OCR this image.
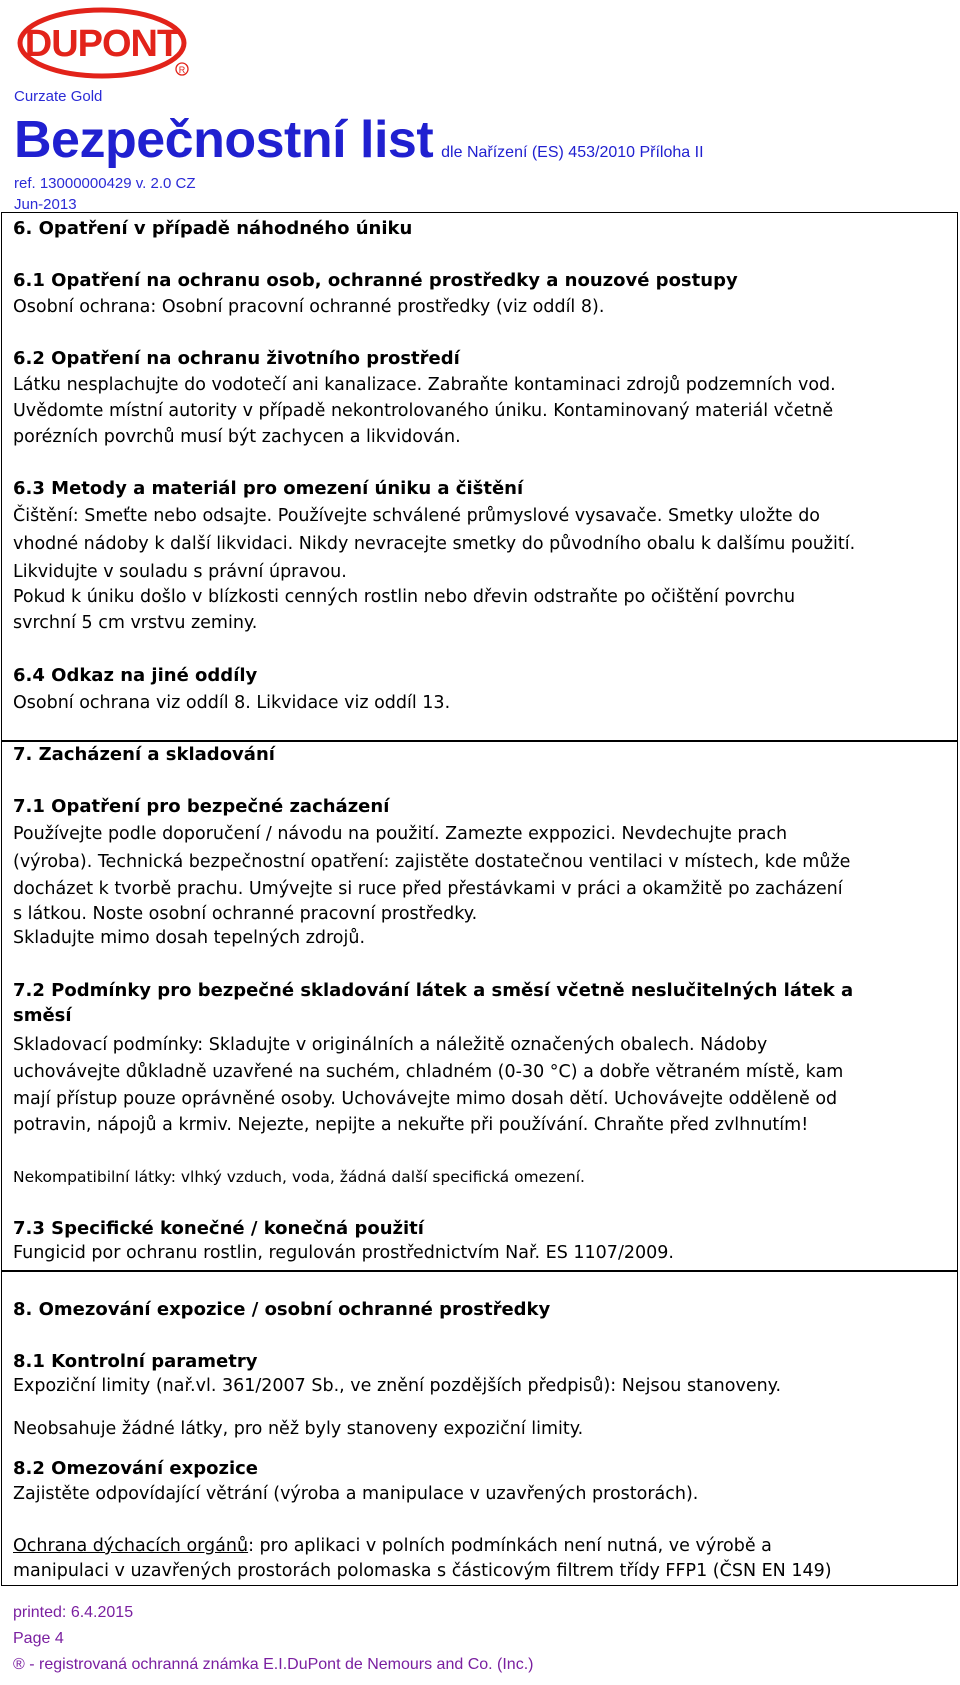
DUPONT
R
Curzate Gold
Bezpečnostní list dle Nařízení (ES) 453/2010 Příloha II
ref. 13000000429 v. 2.0 CZ
Jun-2013
6. Opatření v případě náhodného úniku
6.1 Opatření na ochranu osob, ochranné prostředky a nouzové postupy
Osobní ochrana: Osobní pracovní ochranné prostředky (viz oddíl 8).
6.2 Opatření na ochranu životního prostředí
Látku nesplachujte do vodotečí ani kanalizace. Zabraňte kontaminaci zdrojů podzemních vod.
Uvědomte místní autority v případě nekontrolovaného úniku. Kontaminovaný materiál včetně
porézních povrchů musí být zachycen a likvidován.
6.3 Metody a materiál pro omezení úniku a čištění
Čištění: Smeťte nebo odsajte. Používejte schválené průmyslové vysavače. Smetky uložte do
vhodné nádoby k další likvidaci. Nikdy nevracejte smetky do původního obalu k dalšímu použití.
Likvidujte v souladu s právní úpravou.
Pokud k úniku došlo v blízkosti cenných rostlin nebo dřevin odstraňte po očištění povrchu
svrchní 5 cm vrstvu zeminy.
6.4 Odkaz na jiné oddíly
Osobní ochrana viz oddíl 8. Likvidace viz oddíl 13.
7. Zacházení a skladování
7.1 Opatření pro bezpečné zacházení
Používejte podle doporučení / návodu na použití. Zamezte exppozici. Nevdechujte prach
(výroba). Technická bezpečnostní opatření: zajistěte dostatečnou ventilaci v místech, kde může
docházet k tvorbě prachu. Umývejte si ruce před přestávkami v práci a okamžitě po zacházení
s látkou. Noste osobní ochranné pracovní prostředky.
Skladujte mimo dosah tepelných zdrojů.
7.2 Podmínky pro bezpečné skladování látek a směsí včetně neslučitelných látek a
směsí
Skladovací podmínky: Skladujte v originálních a náležitě označených obalech. Nádoby
uchovávejte důkladně uzavřené na suchém, chladném (0-30 °C) a dobře větraném místě, kam
mají přístup pouze oprávněné osoby. Uchovávejte mimo dosah dětí. Uchovávejte odděleně od
potravin, nápojů a krmiv. Nejezte, nepijte a nekuřte při používání. Chraňte před zvlhnutím!
Nekompatibilní látky: vlhký vzduch, voda, žádná další specifická omezení.
7.3 Specifické konečné / konečná použití
Fungicid por ochranu rostlin, regulován prostřednictvím Nař. ES 1107/2009.
8. Omezování expozice / osobní ochranné prostředky
8.1 Kontrolní parametry
Expoziční limity (nař.vl. 361/2007 Sb., ve znění pozdějších předpisů): Nejsou stanoveny.
Neobsahuje žádné látky, pro něž byly stanoveny expoziční limity.
8.2 Omezování expozice
Zajistěte odpovídající větrání (výroba a manipulace v uzavřených prostorách).
Ochrana dýchacích orgánů: pro aplikaci v polních podmínkách není nutná, ve výrobě a
manipulaci v uzavřených prostorách polomaska s částicovým filtrem třídy FFP1 (ČSN EN 149)
printed: 6.4.2015
Page 4
® - registrovaná ochranná známka E.I.DuPont de Nemours and Co. (Inc.)
